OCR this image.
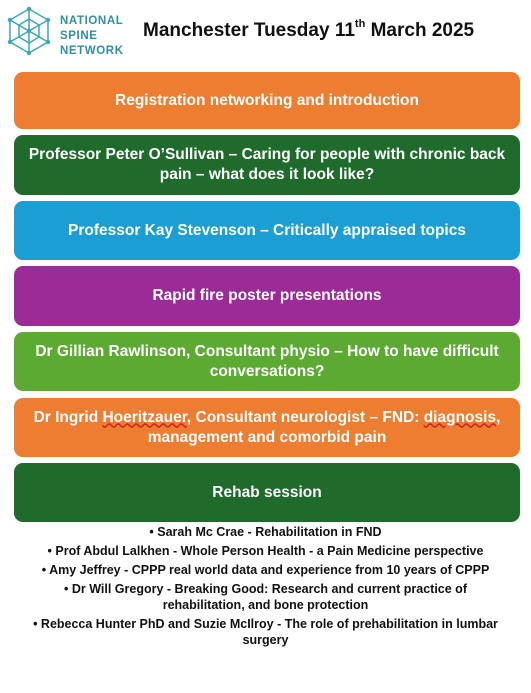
NATIONAL
SPINE
NETWORK
Manchester Tuesday 11th March 2025
Registration networking and introduction
Professor Peter O’Sullivan – Caring for people with chronic back pain – what does it look like?
Professor Kay Stevenson – Critically appraised topics
Rapid fire poster presentations
Dr Gillian Rawlinson, Consultant physio – How to have difficult conversations?
Dr Ingrid Hoeritzauer, Consultant neurologist – FND: diagnosis, management and comorbid pain
Rehab session
• Sarah Mc Crae - Rehabilitation in FND
• Prof Abdul Lalkhen - Whole Person Health - a Pain Medicine perspective
• Amy Jeffrey - CPPP real world data and experience from 10 years of CPPP
• Dr Will Gregory - Breaking Good: Research and current practice of rehabilitation, and bone protection
• Rebecca Hunter PhD and Suzie McIlroy - The role of prehabilitation in lumbar surgery
